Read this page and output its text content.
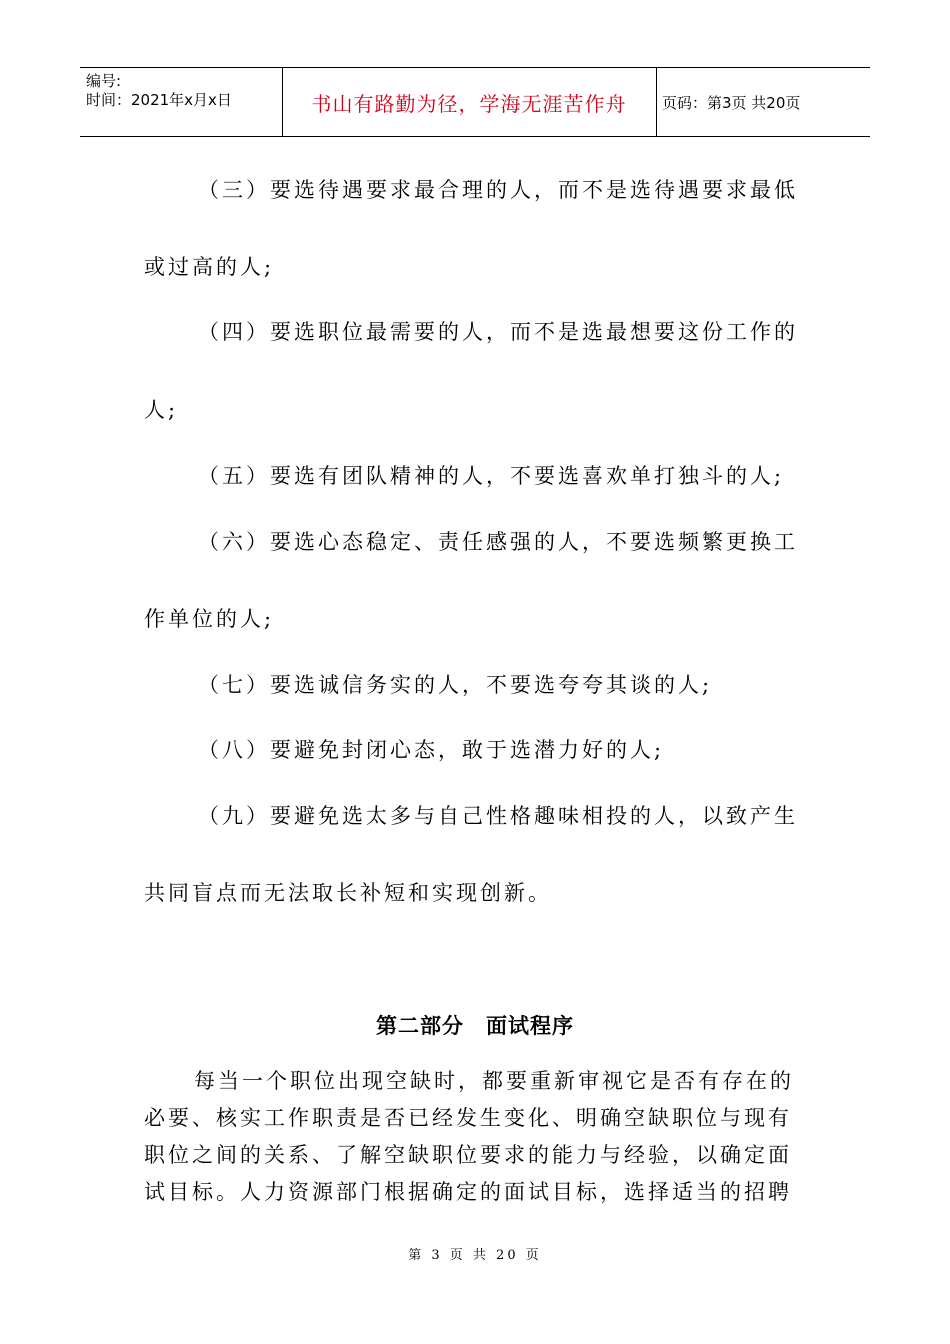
编号:
时间：2021年x月x日	书山有路勤为径，学海无涯苦作舟 页码：第3页 共20页
（三）要选待遇要求最合理的人，而不是选待遇要求最低
或过高的人;
（四）要选职位最需要的人，而不是选最想要这份工作的
人;
（五）要选有团队精神的人，不要选喜欢单打独斗的人;
（六）要选心态稳定、责任感强的人，不要选频繁更换工
作单位的人;
（七）要选诚信务实的人，不要选夸夸其谈的人;
（八）要避免封闭心态，敢于选潜力好的人;
（九）要避免选太多与自己性格趣味相投的人，以致产生
共同盲点而无法取长补短和实现创新。
第二部分　面试程序
每当一个职位出现空缺时，都要重新审视它是否有存在的
必要、核实工作职责是否已经发生变化、明确空缺职位与现有
职位之间的关系、了解空缺职位要求的能力与经验，以确定面
试目标。人力资源部门根据确定的面试目标，选择适当的招聘
第 3 页 共 20 页
